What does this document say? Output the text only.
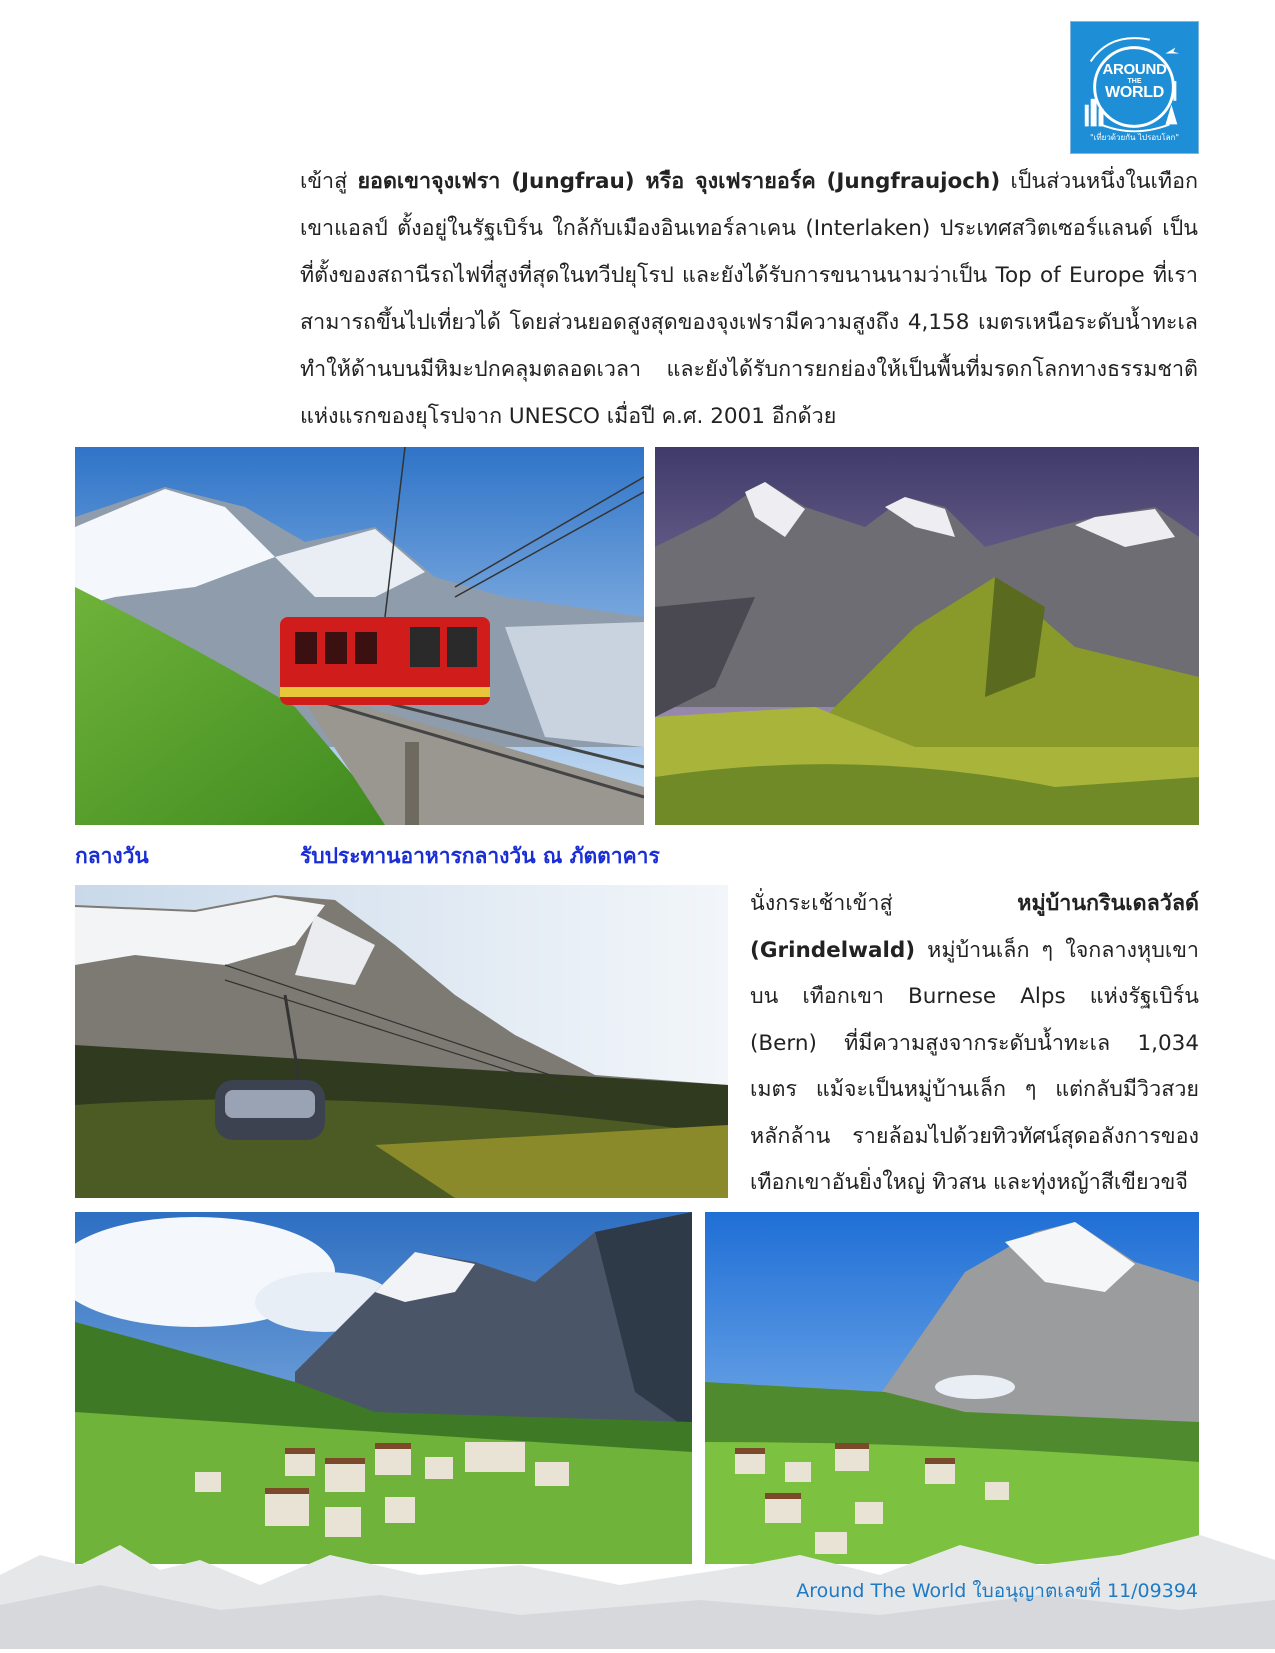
AROUND
THE
WORLD
"เที่ยวด้วยกัน ไปรอบโลก"
เข้าสู่ ยอดเขาจุงเฟรา (Jungfrau) หรือ จุงเฟรายอร์ค (Jungfraujoch) เป็นส่วนหนึ่งในเทือกเขาแอลป์ ตั้งอยู่ในรัฐเบิร์น ใกล้กับเมืองอินเทอร์ลาเคน (Interlaken) ประเทศสวิตเซอร์แลนด์ เป็นที่ตั้งของสถานีรถไฟที่สูงที่สุดในทวีปยุโรป และยังได้รับการขนานนามว่าเป็น Top of Europe ที่เราสามารถขึ้นไปเที่ยวได้ โดยส่วนยอดสูงสุดของจุงเฟรามีความสูงถึง 4,158 เมตรเหนือระดับน้ำทะเล ทำให้ด้านบนมีหิมะปกคลุมตลอดเวลา และยังได้รับการยกย่องให้เป็นพื้นที่มรดกโลกทางธรรมชาติแห่งแรกของยุโรปจาก UNESCO เมื่อปี ค.ศ. 2001 อีกด้วย
กลางวัน	รับประทานอาหารกลางวัน ณ ภัตตาคาร
นั่งกระเช้าเข้าสู่ หมู่บ้านกรินเดลวัลด์ (Grindelwald) หมู่บ้านเล็ก ๆ ใจกลางหุบเขา บน เทือกเขา Burnese Alps แห่งรัฐเบิร์น (Bern) ที่มีความสูงจากระดับน้ำทะเล 1,034 เมตร แม้จะเป็นหมู่บ้านเล็ก ๆ แต่กลับมีวิวสวยหลักล้าน รายล้อมไปด้วยทิวทัศน์สุดอลังการของเทือกเขาอันยิ่งใหญ่ ทิวสน และทุ่งหญ้าสีเขียวขจี
Around The World ใบอนุญาตเลขที่ 11/09394
